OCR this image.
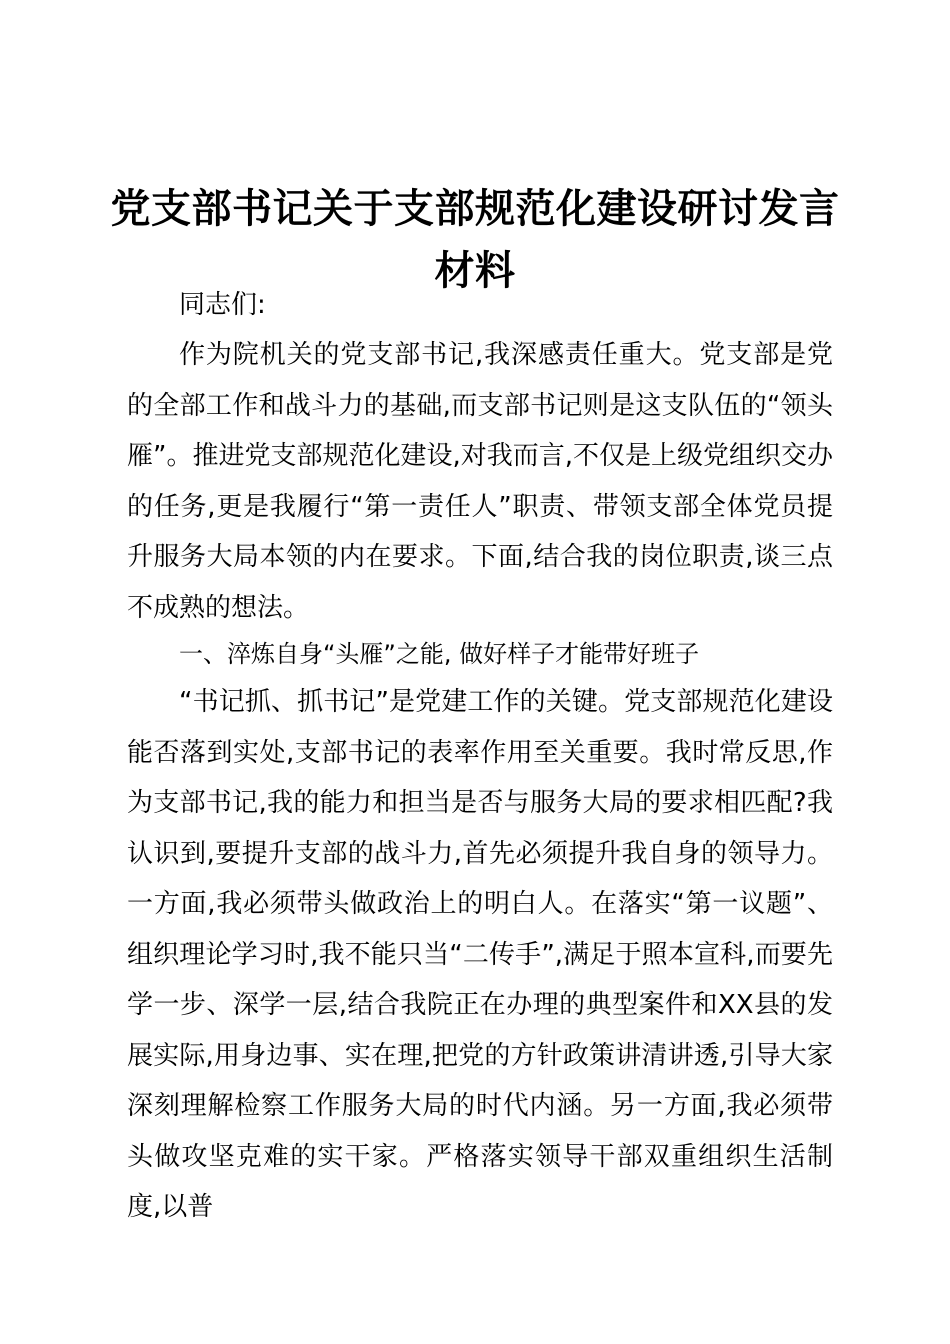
党支部书记关于支部规范化建设研讨发言材料

同志们:

作为院机关的党支部书记,我深感责任重大。党支部是党的全部工作和战斗力的基础,而支部书记则是这支队伍的“领头雁”。推进党支部规范化建设,对我而言,不仅是上级党组织交办的任务,更是我履行“第一责任人”职责、带领支部全体党员提升服务大局本领的内在要求。下面,结合我的岗位职责,谈三点不成熟的想法。

一、淬炼自身“头雁”之能, 做好样子才能带好班子

“书记抓、抓书记”是党建工作的关键。党支部规范化建设能否落到实处,支部书记的表率作用至关重要。我时常反思,作为支部书记,我的能力和担当是否与服务大局的要求相匹配?我认识到,要提升支部的战斗力,首先必须提升我自身的领导力。一方面,我必须带头做政治上的明白人。在落实“第一议题”、组织理论学习时,我不能只当“二传手”,满足于照本宣科,而要先学一步、深学一层,结合我院正在办理的典型案件和XX县的发展实际,用身边事、实在理,把党的方针政策讲清讲透,引导大家深刻理解检察工作服务大局的时代内涵。另一方面,我必须带头做攻坚克难的实干家。严格落实领导干部双重组织生活制度,以普
